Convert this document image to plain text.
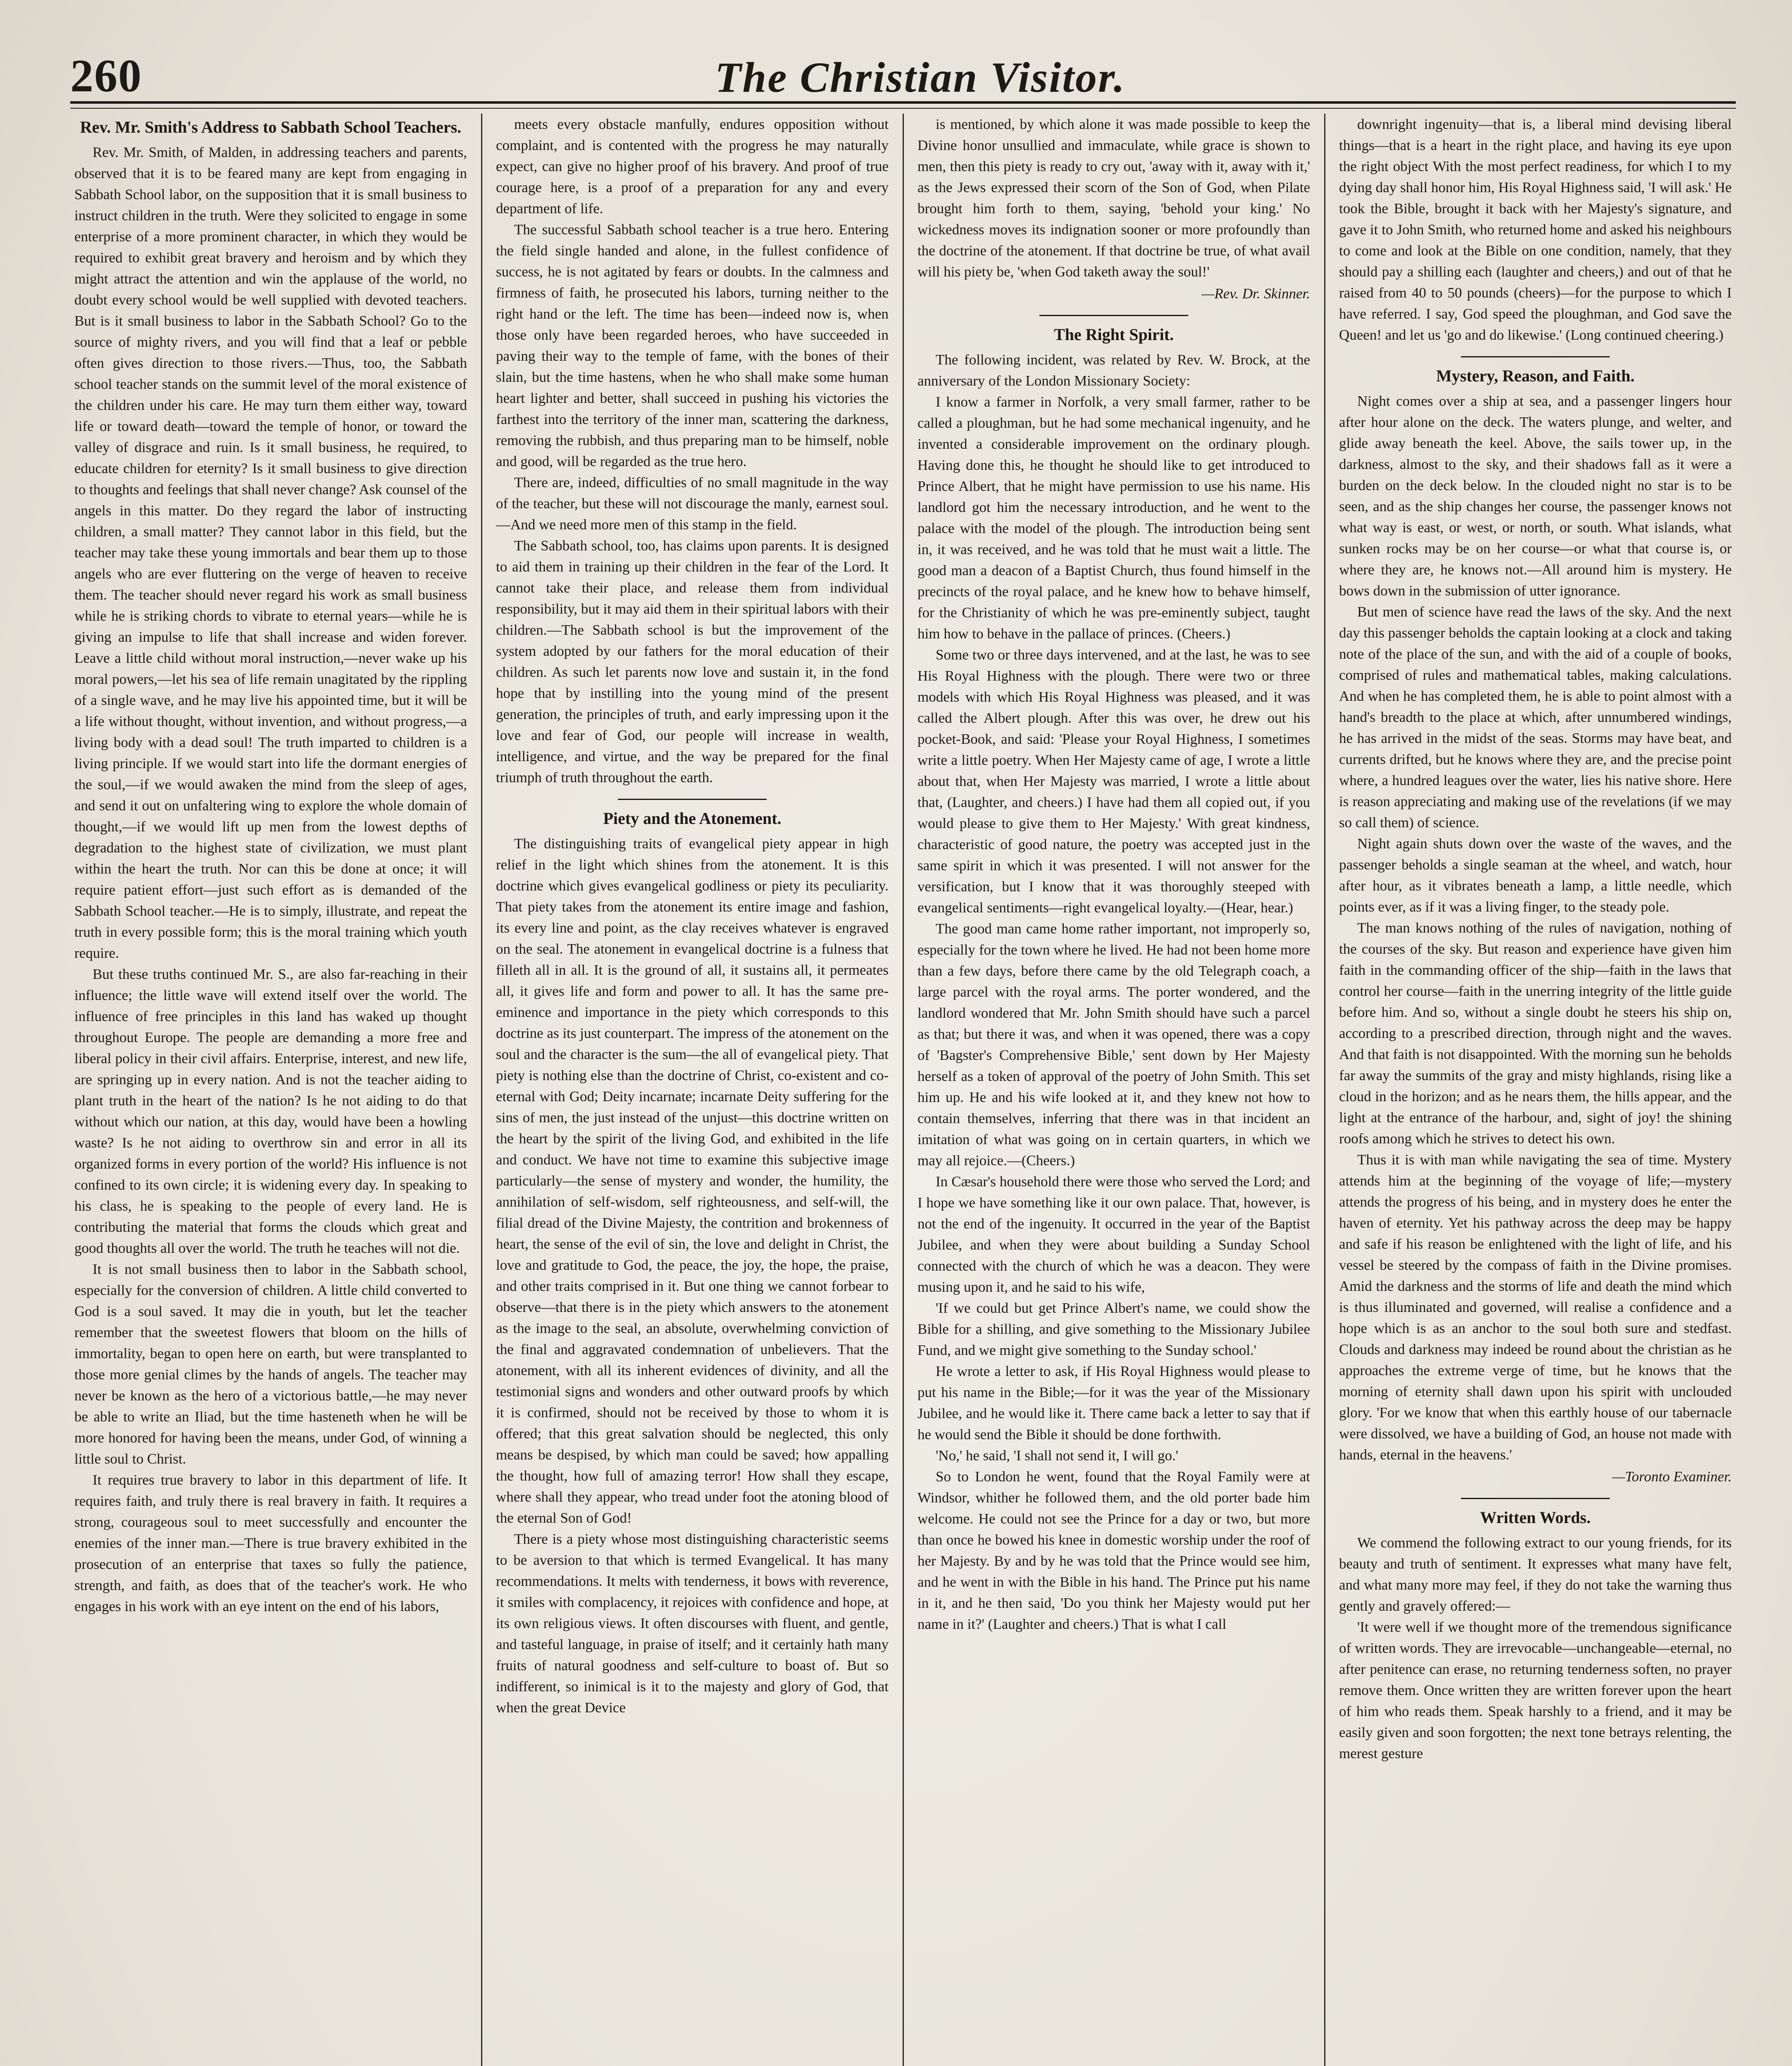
260	The Christian Visitor.
Rev. Mr. Smith's Address to Sabbath School Teachers.

Rev. Mr. Smith, of Malden, in addressing teachers and parents, observed that it is to be feared many are kept from engaging in Sabbath School labor, on the supposition that it is small business to instruct children in the truth. Were they solicited to engage in some enterprise of a more prominent character, in which they would be required to exhibit great bravery and heroism and by which they might attract the attention and win the applause of the world, no doubt every school would be well supplied with devoted teachers. But is it small business to labor in the Sabbath School? Go to the source of mighty rivers, and you will find that a leaf or pebble often gives direction to those rivers.—Thus, too, the Sabbath school teacher stands on the summit level of the moral existence of the children under his care. He may turn them either way, toward life or toward death—toward the temple of honor, or toward the valley of disgrace and ruin. Is it small business, he required, to educate children for eternity? Is it small business to give direction to thoughts and feelings that shall never change? Ask counsel of the angels in this matter. Do they regard the labor of instructing children, a small matter? They cannot labor in this field, but the teacher may take these young immortals and bear them up to those angels who are ever fluttering on the verge of heaven to receive them. The teacher should never regard his work as small business while he is striking chords to vibrate to eternal years—while he is giving an impulse to life that shall increase and widen forever. Leave a little child without moral instruction,—never wake up his moral powers,—let his sea of life remain unagitated by the rippling of a single wave, and he may live his appointed time, but it will be a life without thought, without invention, and without progress,—a living body with a dead soul! The truth imparted to children is a living principle. If we would start into life the dormant energies of the soul,—if we would awaken the mind from the sleep of ages, and send it out on unfaltering wing to explore the whole domain of thought,—if we would lift up men from the lowest depths of degradation to the highest state of civilization, we must plant within the heart the truth. Nor can this be done at once; it will require patient effort—just such effort as is demanded of the Sabbath School teacher.—He is to simply, illustrate, and repeat the truth in every possible form; this is the moral training which youth require.

But these truths continued Mr. S., are also far-reaching in their influence; the little wave will extend itself over the world. The influence of free principles in this land has waked up thought throughout Europe. The people are demanding a more free and liberal policy in their civil affairs. Enterprise, interest, and new life, are springing up in every nation. And is not the teacher aiding to plant truth in the heart of the nation? Is he not aiding to do that without which our nation, at this day, would have been a howling waste? Is he not aiding to overthrow sin and error in all its organized forms in every portion of the world? His influence is not confined to its own circle; it is widening every day. In speaking to his class, he is speaking to the people of every land. He is contributing the material that forms the clouds which great and good thoughts all over the world. The truth he teaches will not die.

It is not small business then to labor in the Sabbath school, especially for the conversion of children. A little child converted to God is a soul saved. It may die in youth, but let the teacher remember that the sweetest flowers that bloom on the hills of immortality, began to open here on earth, but were transplanted to those more genial climes by the hands of angels. The teacher may never be known as the hero of a victorious battle,—he may never be able to write an Iliad, but the time hasteneth when he will be more honored for having been the means, under God, of winning a little soul to Christ.

It requires true bravery to labor in this department of life. It requires faith, and truly there is real bravery in faith. It requires a strong, courageous soul to meet successfully and encounter the enemies of the inner man.—There is true bravery exhibited in the prosecution of an enterprise that taxes so fully the patience, strength, and faith, as does that of the teacher's work. He who engages in his work with an eye intent on the end of his labors,

meets every obstacle manfully, endures opposition without complaint, and is contented with the progress he may naturally expect, can give no higher proof of his bravery. And proof of true courage here, is a proof of a preparation for any and every department of life.

The successful Sabbath school teacher is a true hero. Entering the field single handed and alone, in the fullest confidence of success, he is not agitated by fears or doubts. In the calmness and firmness of faith, he prosecuted his labors, turning neither to the right hand or the left. The time has been—indeed now is, when those only have been regarded heroes, who have succeeded in paving their way to the temple of fame, with the bones of their slain, but the time hastens, when he who shall make some human heart lighter and better, shall succeed in pushing his victories the farthest into the territory of the inner man, scattering the darkness, removing the rubbish, and thus preparing man to be himself, noble and good, will be regarded as the true hero.

There are, indeed, difficulties of no small magnitude in the way of the teacher, but these will not discourage the manly, earnest soul.—And we need more men of this stamp in the field.

The Sabbath school, too, has claims upon parents. It is designed to aid them in training up their children in the fear of the Lord. It cannot take their place, and release them from individual responsibility, but it may aid them in their spiritual labors with their children.—The Sabbath school is but the improvement of the system adopted by our fathers for the moral education of their children. As such let parents now love and sustain it, in the fond hope that by instilling into the young mind of the present generation, the principles of truth, and early impressing upon it the love and fear of God, our people will increase in wealth, intelligence, and virtue, and the way be prepared for the final triumph of truth throughout the earth.

Piety and the Atonement.

The distinguishing traits of evangelical piety appear in high relief in the light which shines from the atonement. It is this doctrine which gives evangelical godliness or piety its peculiarity. That piety takes from the atonement its entire image and fashion, its every line and point, as the clay receives whatever is engraved on the seal. The atonement in evangelical doctrine is a fulness that filleth all in all. It is the ground of all, it sustains all, it permeates all, it gives life and form and power to all. It has the same pre-eminence and importance in the piety which corresponds to this doctrine as its just counterpart. The impress of the atonement on the soul and the character is the sum—the all of evangelical piety. That piety is nothing else than the doctrine of Christ, co-existent and co-eternal with God; Deity incarnate; incarnate Deity suffering for the sins of men, the just instead of the unjust—this doctrine written on the heart by the spirit of the living God, and exhibited in the life and conduct. We have not time to examine this subjective image particularly—the sense of mystery and wonder, the humility, the annihilation of self-wisdom, self righteousness, and self-will, the filial dread of the Divine Majesty, the contrition and brokenness of heart, the sense of the evil of sin, the love and delight in Christ, the love and gratitude to God, the peace, the joy, the hope, the praise, and other traits comprised in it. But one thing we cannot forbear to observe—that there is in the piety which answers to the atonement as the image to the seal, an absolute, overwhelming conviction of the final and aggravated condemnation of unbelievers. That the atonement, with all its inherent evidences of divinity, and all the testimonial signs and wonders and other outward proofs by which it is confirmed, should not be received by those to whom it is offered; that this great salvation should be neglected, this only means be despised, by which man could be saved; how appalling the thought, how full of amazing terror! How shall they escape, where shall they appear, who tread under foot the atoning blood of the eternal Son of God!

There is a piety whose most distinguishing characteristic seems to be aversion to that which is termed Evangelical. It has many recommendations. It melts with tenderness, it bows with reverence, it smiles with complacency, it rejoices with confidence and hope, at its own religious views. It often discourses with fluent, and gentle, and tasteful language, in praise of itself; and it certainly hath many fruits of natural goodness and self-culture to boast of. But so indifferent, so inimical is it to the majesty and glory of God, that when the great Device

is mentioned, by which alone it was made possible to keep the Divine honor unsullied and immaculate, while grace is shown to men, then this piety is ready to cry out, 'away with it, away with it,' as the Jews expressed their scorn of the Son of God, when Pilate brought him forth to them, saying, 'behold your king.' No wickedness moves its indignation sooner or more profoundly than the doctrine of the atonement. If that doctrine be true, of what avail will his piety be, 'when God taketh away the soul!'

—Rev. Dr. Skinner.

The Right Spirit.

The following incident, was related by Rev. W. Brock, at the anniversary of the London Missionary Society:

I know a farmer in Norfolk, a very small farmer, rather to be called a ploughman, but he had some mechanical ingenuity, and he invented a considerable improvement on the ordinary plough. Having done this, he thought he should like to get introduced to Prince Albert, that he might have permission to use his name. His landlord got him the necessary introduction, and he went to the palace with the model of the plough. The introduction being sent in, it was received, and he was told that he must wait a little. The good man a deacon of a Baptist Church, thus found himself in the precincts of the royal palace, and he knew how to behave himself, for the Christianity of which he was pre-eminently subject, taught him how to behave in the pallace of princes. (Cheers.)

Some two or three days intervened, and at the last, he was to see His Royal Highness with the plough. There were two or three models with which His Royal Highness was pleased, and it was called the Albert plough. After this was over, he drew out his pocket-Book, and said: 'Please your Royal Highness, I sometimes write a little poetry. When Her Majesty came of age, I wrote a little about that, when Her Majesty was married, I wrote a little about that, (Laughter, and cheers.) I have had them all copied out, if you would please to give them to Her Majesty.' With great kindness, characteristic of good nature, the poetry was accepted just in the same spirit in which it was presented. I will not answer for the versification, but I know that it was thoroughly steeped with evangelical sentiments—right evangelical loyalty.—(Hear, hear.)

The good man came home rather important, not improperly so, especially for the town where he lived. He had not been home more than a few days, before there came by the old Telegraph coach, a large parcel with the royal arms. The porter wondered, and the landlord wondered that Mr. John Smith should have such a parcel as that; but there it was, and when it was opened, there was a copy of 'Bagster's Comprehensive Bible,' sent down by Her Majesty herself as a token of approval of the poetry of John Smith. This set him up. He and his wife looked at it, and they knew not how to contain themselves, inferring that there was in that incident an imitation of what was going on in certain quarters, in which we may all rejoice.—(Cheers.)

In Cæsar's household there were those who served the Lord; and I hope we have something like it our own palace. That, however, is not the end of the ingenuity. It occurred in the year of the Baptist Jubilee, and when they were about building a Sunday School connected with the church of which he was a deacon. They were musing upon it, and he said to his wife,

'If we could but get Prince Albert's name, we could show the Bible for a shilling, and give something to the Missionary Jubilee Fund, and we might give something to the Sunday school.'

He wrote a letter to ask, if His Royal Highness would please to put his name in the Bible;—for it was the year of the Missionary Jubilee, and he would like it. There came back a letter to say that if he would send the Bible it should be done forthwith.

'No,' he said, 'I shall not send it, I will go.'

So to London he went, found that the Royal Family were at Windsor, whither he followed them, and the old porter bade him welcome. He could not see the Prince for a day or two, but more than once he bowed his knee in domestic worship under the roof of her Majesty. By and by he was told that the Prince would see him, and he went in with the Bible in his hand. The Prince put his name in it, and he then said, 'Do you think her Majesty would put her name in it?' (Laughter and cheers.) That is what I call

downright ingenuity—that is, a liberal mind devising liberal things—that is a heart in the right place, and having its eye upon the right object With the most perfect readiness, for which I to my dying day shall honor him, His Royal Highness said, 'I will ask.' He took the Bible, brought it back with her Majesty's signature, and gave it to John Smith, who returned home and asked his neighbours to come and look at the Bible on one condition, namely, that they should pay a shilling each (laughter and cheers,) and out of that he raised from 40 to 50 pounds (cheers)—for the purpose to which I have referred. I say, God speed the ploughman, and God save the Queen! and let us 'go and do likewise.' (Long continued cheering.)

Mystery, Reason, and Faith.

Night comes over a ship at sea, and a passenger lingers hour after hour alone on the deck. The waters plunge, and welter, and glide away beneath the keel. Above, the sails tower up, in the darkness, almost to the sky, and their shadows fall as it were a burden on the deck below. In the clouded night no star is to be seen, and as the ship changes her course, the passenger knows not what way is east, or west, or north, or south. What islands, what sunken rocks may be on her course—or what that course is, or where they are, he knows not.—All around him is mystery. He bows down in the submission of utter ignorance.

But men of science have read the laws of the sky. And the next day this passenger beholds the captain looking at a clock and taking note of the place of the sun, and with the aid of a couple of books, comprised of rules and mathematical tables, making calculations. And when he has completed them, he is able to point almost with a hand's breadth to the place at which, after unnumbered windings, he has arrived in the midst of the seas. Storms may have beat, and currents drifted, but he knows where they are, and the precise point where, a hundred leagues over the water, lies his native shore. Here is reason appreciating and making use of the revelations (if we may so call them) of science.

Night again shuts down over the waste of the waves, and the passenger beholds a single seaman at the wheel, and watch, hour after hour, as it vibrates beneath a lamp, a little needle, which points ever, as if it was a living finger, to the steady pole.

The man knows nothing of the rules of navigation, nothing of the courses of the sky. But reason and experience have given him faith in the commanding officer of the ship—faith in the laws that control her course—faith in the unerring integrity of the little guide before him. And so, without a single doubt he steers his ship on, according to a prescribed direction, through night and the waves. And that faith is not disappointed. With the morning sun he beholds far away the summits of the gray and misty highlands, rising like a cloud in the horizon; and as he nears them, the hills appear, and the light at the entrance of the harbour, and, sight of joy! the shining roofs among which he strives to detect his own.

Thus it is with man while navigating the sea of time. Mystery attends him at the beginning of the voyage of life;—mystery attends the progress of his being, and in mystery does he enter the haven of eternity. Yet his pathway across the deep may be happy and safe if his reason be enlightened with the light of life, and his vessel be steered by the compass of faith in the Divine promises. Amid the darkness and the storms of life and death the mind which is thus illuminated and governed, will realise a confidence and a hope which is as an anchor to the soul both sure and stedfast. Clouds and darkness may indeed be round about the christian as he approaches the extreme verge of time, but he knows that the morning of eternity shall dawn upon his spirit with unclouded glory. 'For we know that when this earthly house of our tabernacle were dissolved, we have a building of God, an house not made with hands, eternal in the heavens.'

—Toronto Examiner.

Written Words.

We commend the following extract to our young friends, for its beauty and truth of sentiment. It expresses what many have felt, and what many more may feel, if they do not take the warning thus gently and gravely offered:—

'It were well if we thought more of the tremendous significance of written words. They are irrevocable—unchangeable—eternal, no after penitence can erase, no returning tenderness soften, no prayer remove them. Once written they are written forever upon the heart of him who reads them. Speak harshly to a friend, and it may be easily given and soon forgotten; the next tone betrays relenting, the merest gesture
